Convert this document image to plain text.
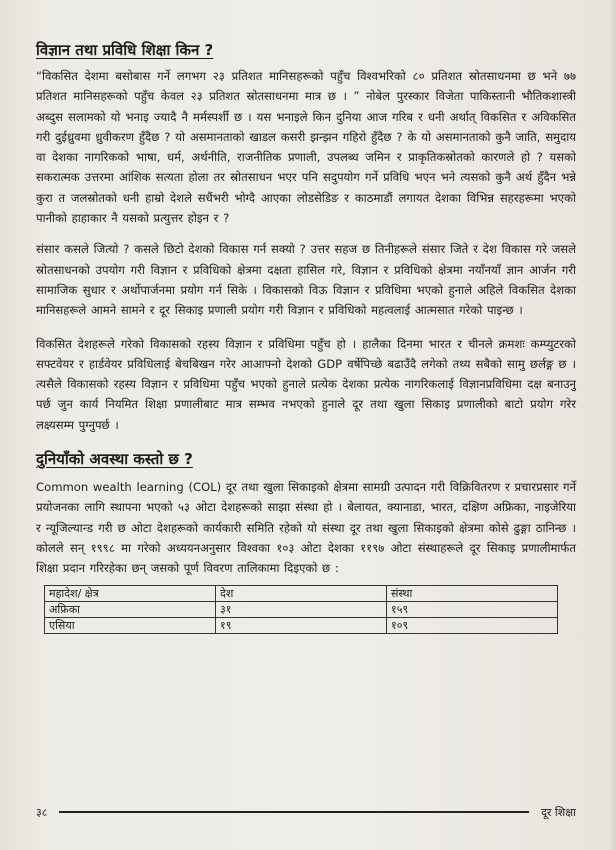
विज्ञान तथा प्रविधि शिक्षा किन ?

“विकसित देशमा बसोबास गर्ने लगभग २३ प्रतिशत मानिसहरूको पहुँच विश्वभरिको ८० प्रतिशत स्रोतसाधनमा छ भने ७७ प्रतिशत मानिसहरूको पहुँच केवल २३ प्रतिशत स्रोतसाधनमा मात्र छ । ” नोबेल पुरस्कार विजेता पाकिस्तानी भौतिकशास्त्री अब्दुस सलामको यो भनाइ ज्यादै नै मर्मस्पर्शी छ । यस भनाइले किन दुनिया आज गरिब र धनी अर्थात् विकसित र अविकसित गरी दुईध्रुवमा ध्रुवीकरण हुँदैछ ? यो असमानताको खाडल कसरी झन्झन गहिरो हुँदैछ ? के यो असमानताको कुनै जाति, समुदाय वा देशका नागरिकको भाषा, धर्म, अर्थनीति, राजनीतिक प्रणाली, उपलब्ध जमिन र प्राकृतिकस्रोतको कारणले हो ? यसको सकरात्मक उत्तरमा आंशिक सत्यता होला तर स्रोतसाधन भएर पनि सदुपयोग गर्ने प्रविधि भएन भने त्यसको कुनै अर्थ हुँदैन भन्ने कुरा त जलस्रोतको धनी हाम्रो देशले सधैंभरी भोग्दै आएका लोडसेडिङ र काठमाडौं लगायत देशका विभिन्न सहरहरूमा भएको पानीको हाहाकार नै यसको प्रत्युत्तर होइन र ?

संसार कसले जित्यो ? कसले छिटो देशको विकास गर्न सक्यो ? उत्तर सहज छ तिनीहरूले संसार जिते र देश विकास गरे जसले स्रोतसाधनको उपयोग गरी विज्ञान र प्रविधिको क्षेत्रमा दक्षता हासिल गरे, विज्ञान र प्रविधिको क्षेत्रमा नयाँनयाँ ज्ञान आर्जन गरी सामाजिक सुधार र अर्थोपार्जनमा प्रयोग गर्न सिके । विकासको विऊ विज्ञान र प्रविधिमा भएको हुनाले अहिले विकसित देशका मानिसहरूले आमने सामने र दूर सिकाइ प्रणाली प्रयोग गरी विज्ञान र प्रविधिको महत्वलाई आत्मसात गरेको पाइन्छ ।

विकसित देशहरूले गरेको विकासको रहस्य विज्ञान र प्रविधिमा पहुँच हो । हालैका दिनमा भारत र चीनले क्रमशः कम्प्युटरको सफ्टवेयर र हार्डवेयर प्रविधिलाई बेचबिखन गरेर आआफ्नो देशको GDP वर्षेपिच्छे बढाउँदै लगेको तथ्य सबैको सामु छर्लङ्ग छ । त्यसैले विकासको रहस्य विज्ञान र प्रविधिमा पहुँच भएको हुनाले प्रत्येक देशका प्रत्येक नागरिकलाई विज्ञानप्रविधिमा दक्ष बनाउनु पर्छ जुन कार्य नियमित शिक्षा प्रणालीबाट मात्र सम्भव नभएको हुनाले दूर तथा खुला सिकाइ प्रणालीको बाटो प्रयोग गरेर लक्ष्यसम्म पुग्नुपर्छ ।

दुनियाँको अवस्था कस्तो छ ?

Common wealth learning (COL) दूर तथा खुला सिकाइको क्षेत्रमा सामग्री उत्पादन गरी विक्रिवितरण र प्रचारप्रसार गर्ने प्रयोजनका लागि स्थापना भएको ५३ ओटा देशहरूको साझा संस्था हो । बेलायत, क्यानाडा, भारत, दक्षिण अफ्रिका, नाइजेरिया र न्यूजिल्यान्ड गरी छ ओटा देशहरूको कार्यकारी समिति रहेको यो संस्था दूर तथा खुला सिकाइको क्षेत्रमा कोसे ढुङ्गा ठानिन्छ । कोलले सन् १९९८ मा गरेको अध्ययनअनुसार विश्वका १०३ ओटा देशका ११९७ ओटा संस्थाहरूले दूर सिकाइ प्रणालीमार्फत शिक्षा प्रदान गरिरहेका छन् जसको पूर्ण विवरण तालिकामा दिइएको छ :

महादेश/ क्षेत्र	देश	संस्था
अफ्रिका	३१	१५९
एसिया	१९	१०९
३८	दूर शिक्षा
